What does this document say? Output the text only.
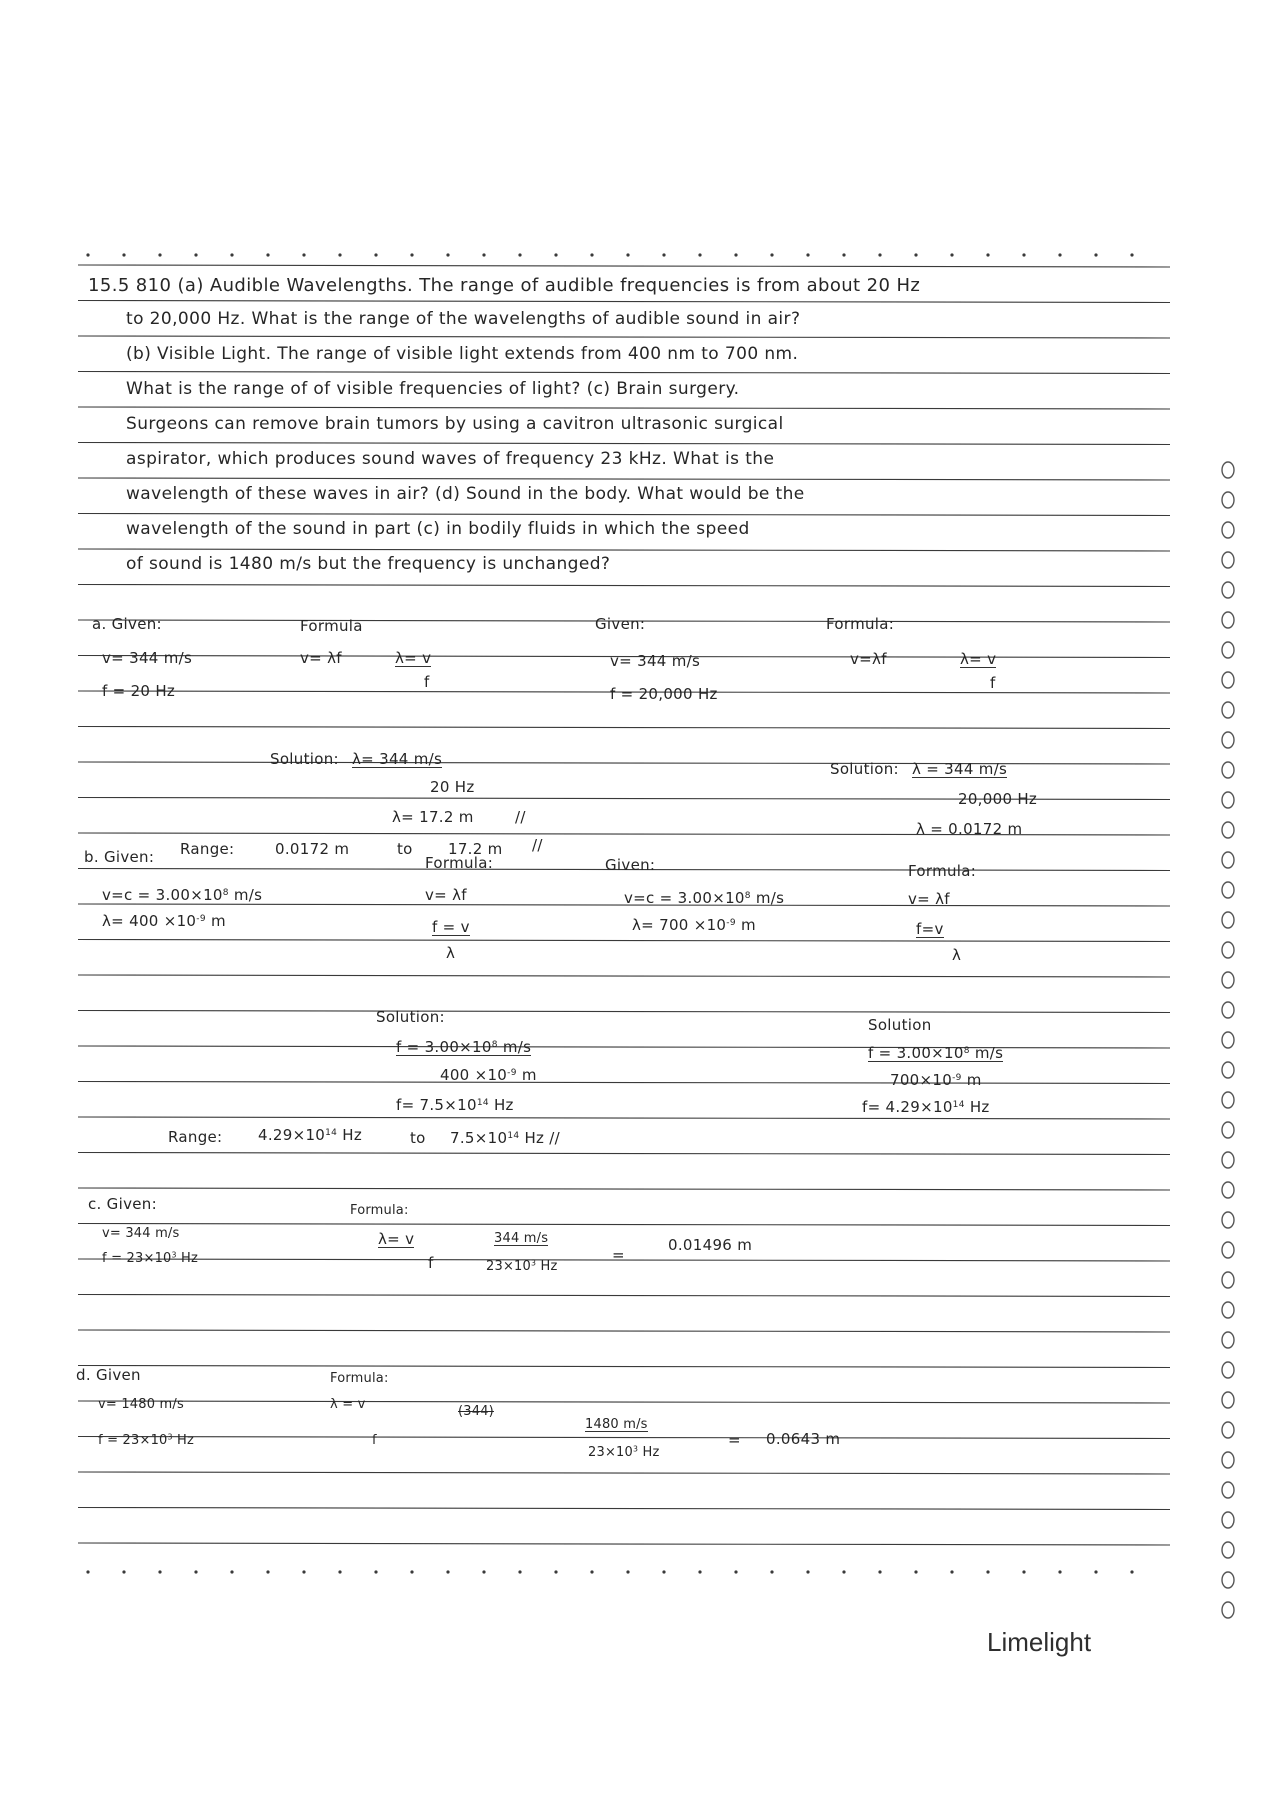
15.5 810 (a) Audible Wavelengths. The range of audible frequencies is from about 20 Hz
to 20,000 Hz. What is the range of the wavelengths of audible sound in air?
(b) Visible Light. The range of visible light extends from 400 nm to 700 nm.
What is the range of of visible frequencies of light? (c) Brain surgery.
Surgeons can remove brain tumors by using a cavitron ultrasonic surgical
aspirator, which produces sound waves of frequency 23 kHz. What is the
wavelength of these waves in air? (d) Sound in the body. What would be the
wavelength of the sound in part (c) in bodily fluids in which the speed
of sound is 1480 m/s but the frequency is unchanged?
a. Given:
v= 344 m/s
f = 20 Hz
Formula
v= λf	λ= v
f
Solution: λ= 344 m/s
20 Hz
λ= 17.2 m	//
Range:	0.0172 m	to 17.2 m //
Given:
v= 344 m/s
f = 20,000 Hz
Formula:
v=λf	λ= v
f
Solution: λ = 344 m/s
20,000 Hz
λ = 0.0172 m
b. Given:
$v=c = 3.00\times 10^8$ m/s
$\lambda= 400 \times 10^{-9}$ m
Formula:
v= λf
f = v
λ
Solution:
$f = 3.00\times 10^8$ m/s
$400 \times 10^{-9}$ m
$f= 7.5\times 10^{14}$ Hz
Range: $4.29\times 10^{14}$ Hz	to $7.5\times 10^{14}$ Hz //
Given:
$v=c = 3.00\times 10^8$ m/s
$\lambda= 700 \times 10^{-9}$ m
Formula:
v= λf
f=v
λ
Solution
$f = 3.00\times 10^8$ m/s
$700\times 10^{-9}$ m
$f= 4.29\times 10^{14}$ Hz
c. Given:
v= 344 m/s
$f = 23\times 10^3$ Hz
Formula:
λ= v
f
344 m/s
$23\times 10^3$ Hz
=
0.01496 m
d. Given
v= 1480 m/s
$f = 23\times 10^3$ Hz
Formula:
λ = v
f
(344)
1480 m/s
$23\times 10^3$ Hz
= 0.0643 m
Limelight
